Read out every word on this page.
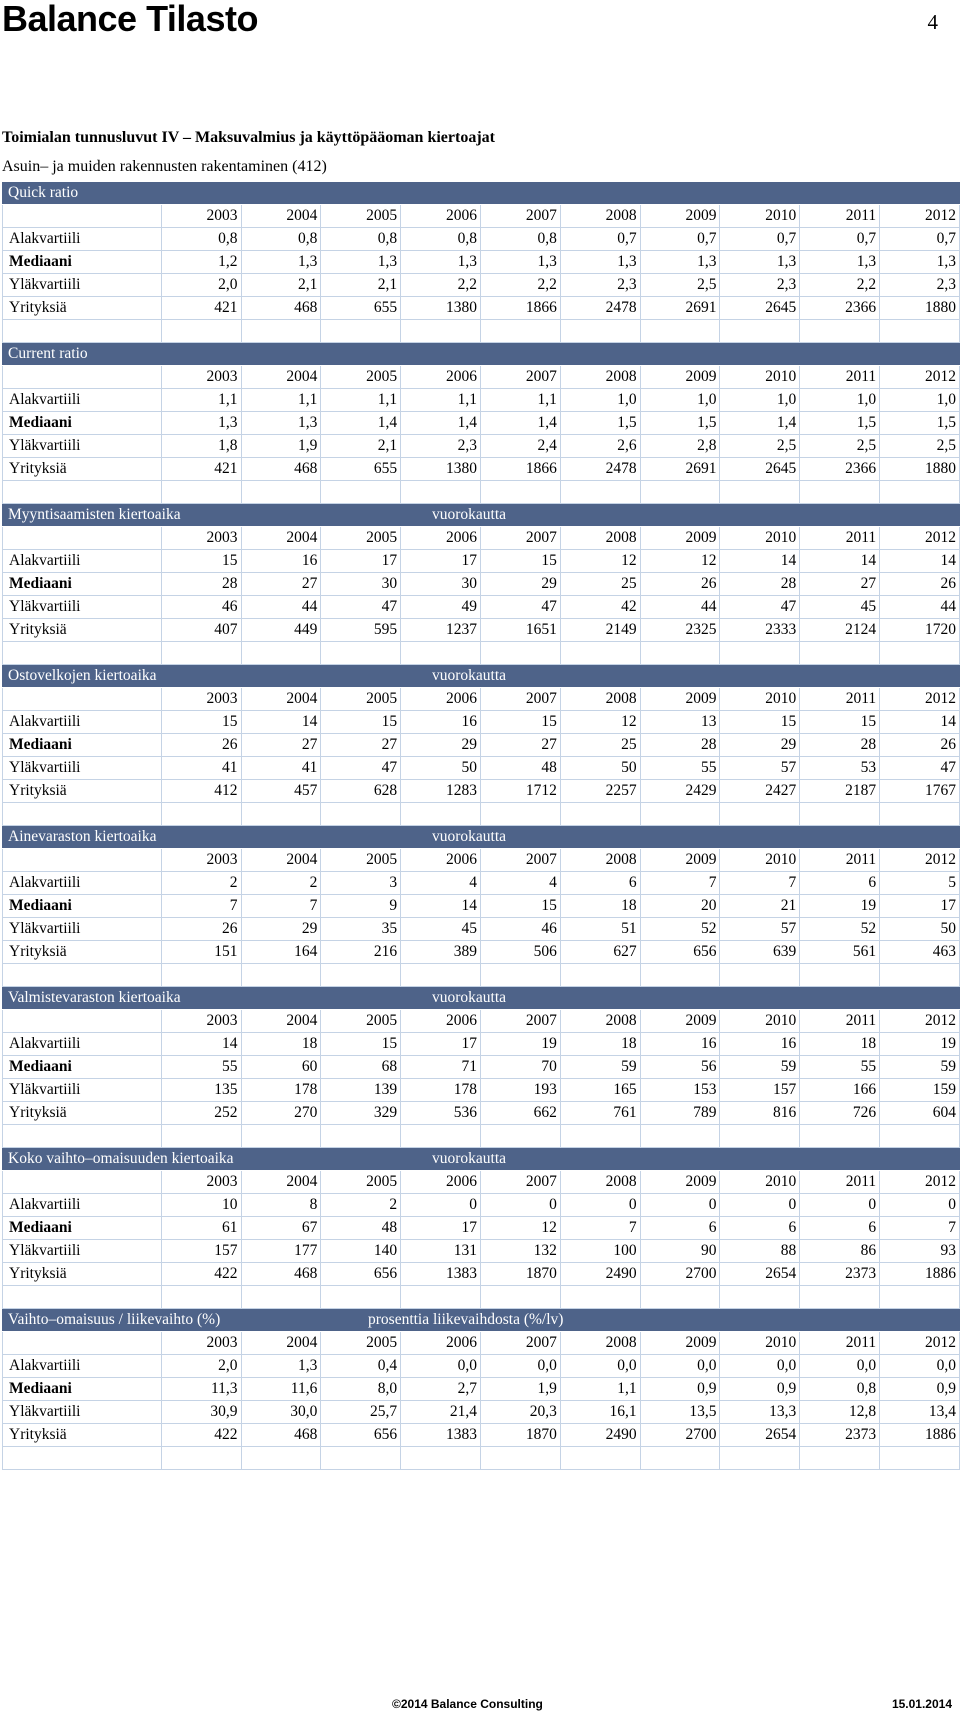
Balance Tilasto	4
Toimialan tunnusluvut IV – Maksuvalmius ja käyttöpääoman kiertoajat
Asuin– ja muiden rakennusten rakentaminen (412)
Quick ratio
2003	2004	2005	2006	2007	2008	2009	2010	2011	2012
Alakvartiili	0,8	0,8	0,8	0,8	0,8	0,7	0,7	0,7	0,7	0,7
Mediaani	1,2	1,3	1,3	1,3	1,3	1,3	1,3	1,3	1,3	1,3
Yläkvartiili	2,0	2,1	2,1	2,2	2,2	2,3	2,5	2,3	2,2	2,3
Yrityksiä	421	468	655	1380	1866	2478	2691	2645	2366	1880
Current ratio
2003	2004	2005	2006	2007	2008	2009	2010	2011	2012
Alakvartiili	1,1	1,1	1,1	1,1	1,1	1,0	1,0	1,0	1,0	1,0
Mediaani	1,3	1,3	1,4	1,4	1,4	1,5	1,5	1,4	1,5	1,5
Yläkvartiili	1,8	1,9	2,1	2,3	2,4	2,6	2,8	2,5	2,5	2,5
Yrityksiä	421	468	655	1380	1866	2478	2691	2645	2366	1880
Myyntisaamisten kiertoaika	vuorokautta
2003	2004	2005	2006	2007	2008	2009	2010	2011	2012
Alakvartiili	15	16	17	17	15	12	12	14	14	14
Mediaani	28	27	30	30	29	25	26	28	27	26
Yläkvartiili	46	44	47	49	47	42	44	47	45	44
Yrityksiä	407	449	595	1237	1651	2149	2325	2333	2124	1720
Ostovelkojen kiertoaika	vuorokautta
2003	2004	2005	2006	2007	2008	2009	2010	2011	2012
Alakvartiili	15	14	15	16	15	12	13	15	15	14
Mediaani	26	27	27	29	27	25	28	29	28	26
Yläkvartiili	41	41	47	50	48	50	55	57	53	47
Yrityksiä	412	457	628	1283	1712	2257	2429	2427	2187	1767
Ainevaraston kiertoaika	vuorokautta
2003	2004	2005	2006	2007	2008	2009	2010	2011	2012
Alakvartiili	2	2	3	4	4	6	7	7	6	5
Mediaani	7	7	9	14	15	18	20	21	19	17
Yläkvartiili	26	29	35	45	46	51	52	57	52	50
Yrityksiä	151	164	216	389	506	627	656	639	561	463
Valmistevaraston kiertoaika	vuorokautta
2003	2004	2005	2006	2007	2008	2009	2010	2011	2012
Alakvartiili	14	18	15	17	19	18	16	16	18	19
Mediaani	55	60	68	71	70	59	56	59	55	59
Yläkvartiili	135	178	139	178	193	165	153	157	166	159
Yrityksiä	252	270	329	536	662	761	789	816	726	604
Koko vaihto–omaisuuden kiertoaika	vuorokautta
2003	2004	2005	2006	2007	2008	2009	2010	2011	2012
Alakvartiili	10	8	2	0	0	0	0	0	0	0
Mediaani	61	67	48	17	12	7	6	6	6	7
Yläkvartiili	157	177	140	131	132	100	90	88	86	93
Yrityksiä	422	468	656	1383	1870	2490	2700	2654	2373	1886
Vaihto–omaisuus / liikevaihto (%)	prosenttia liikevaihdosta (%/lv)
2003	2004	2005	2006	2007	2008	2009	2010	2011	2012
Alakvartiili	2,0	1,3	0,4	0,0	0,0	0,0	0,0	0,0	0,0	0,0
Mediaani	11,3	11,6	8,0	2,7	1,9	1,1	0,9	0,9	0,8	0,9
Yläkvartiili	30,9	30,0	25,7	21,4	20,3	16,1	13,5	13,3	12,8	13,4
Yrityksiä	422	468	656	1383	1870	2490	2700	2654	2373	1886
©2014 Balance Consulting	15.01.2014
